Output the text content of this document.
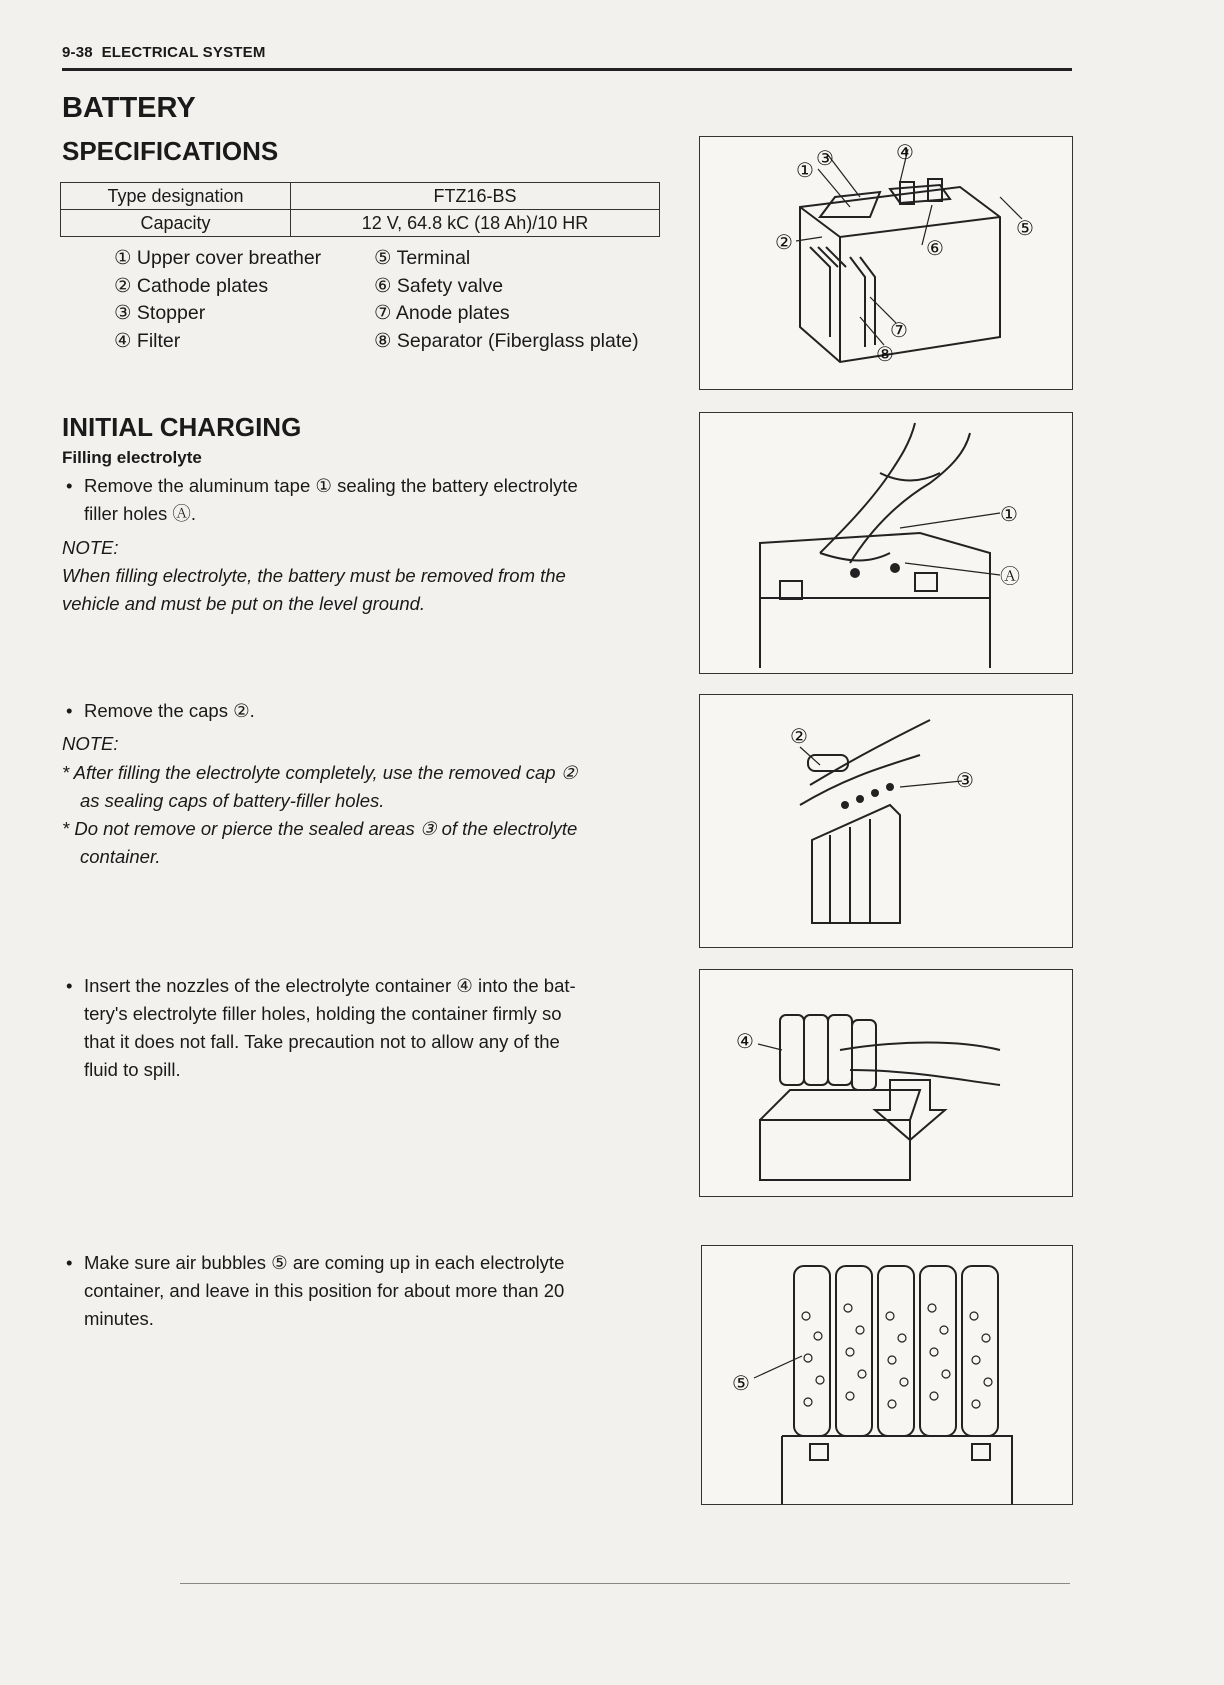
9-38 ELECTRICAL SYSTEM
BATTERY
SPECIFICATIONS
Type designation	FTZ16-BS
Capacity	12 V, 64.8 kC (18 Ah)/10 HR
① Upper cover breather
② Cathode plates
③ Stopper
④ Filter
⑤ Terminal
⑥ Safety valve
⑦ Anode plates
⑧ Separator (Fiberglass plate)
INITIAL CHARGING
Filling electrolyte
• Remove the aluminum tape ① sealing the battery electrolyte
filler holes Ⓐ.
NOTE:
When filling electrolyte, the battery must be removed from the
vehicle and must be put on the level ground.
• Remove the caps ②.
NOTE:
* After filling the electrolyte completely, use the removed cap ②
as sealing caps of battery-filler holes.
* Do not remove or pierce the sealed areas ③ of the electrolyte
container.
• Insert the nozzles of the electrolyte container ④ into the bat-
tery's electrolyte filler holes, holding the container firmly so
that it does not fall. Take precaution not to allow any of the
fluid to spill.
• Make sure air bubbles ⑤ are coming up in each electrolyte
container, and leave in this position for about more than 20
minutes.
①
②
③	④
⑤
⑥
⑦
⑧
①
Ⓐ
②
③
④
⑤
